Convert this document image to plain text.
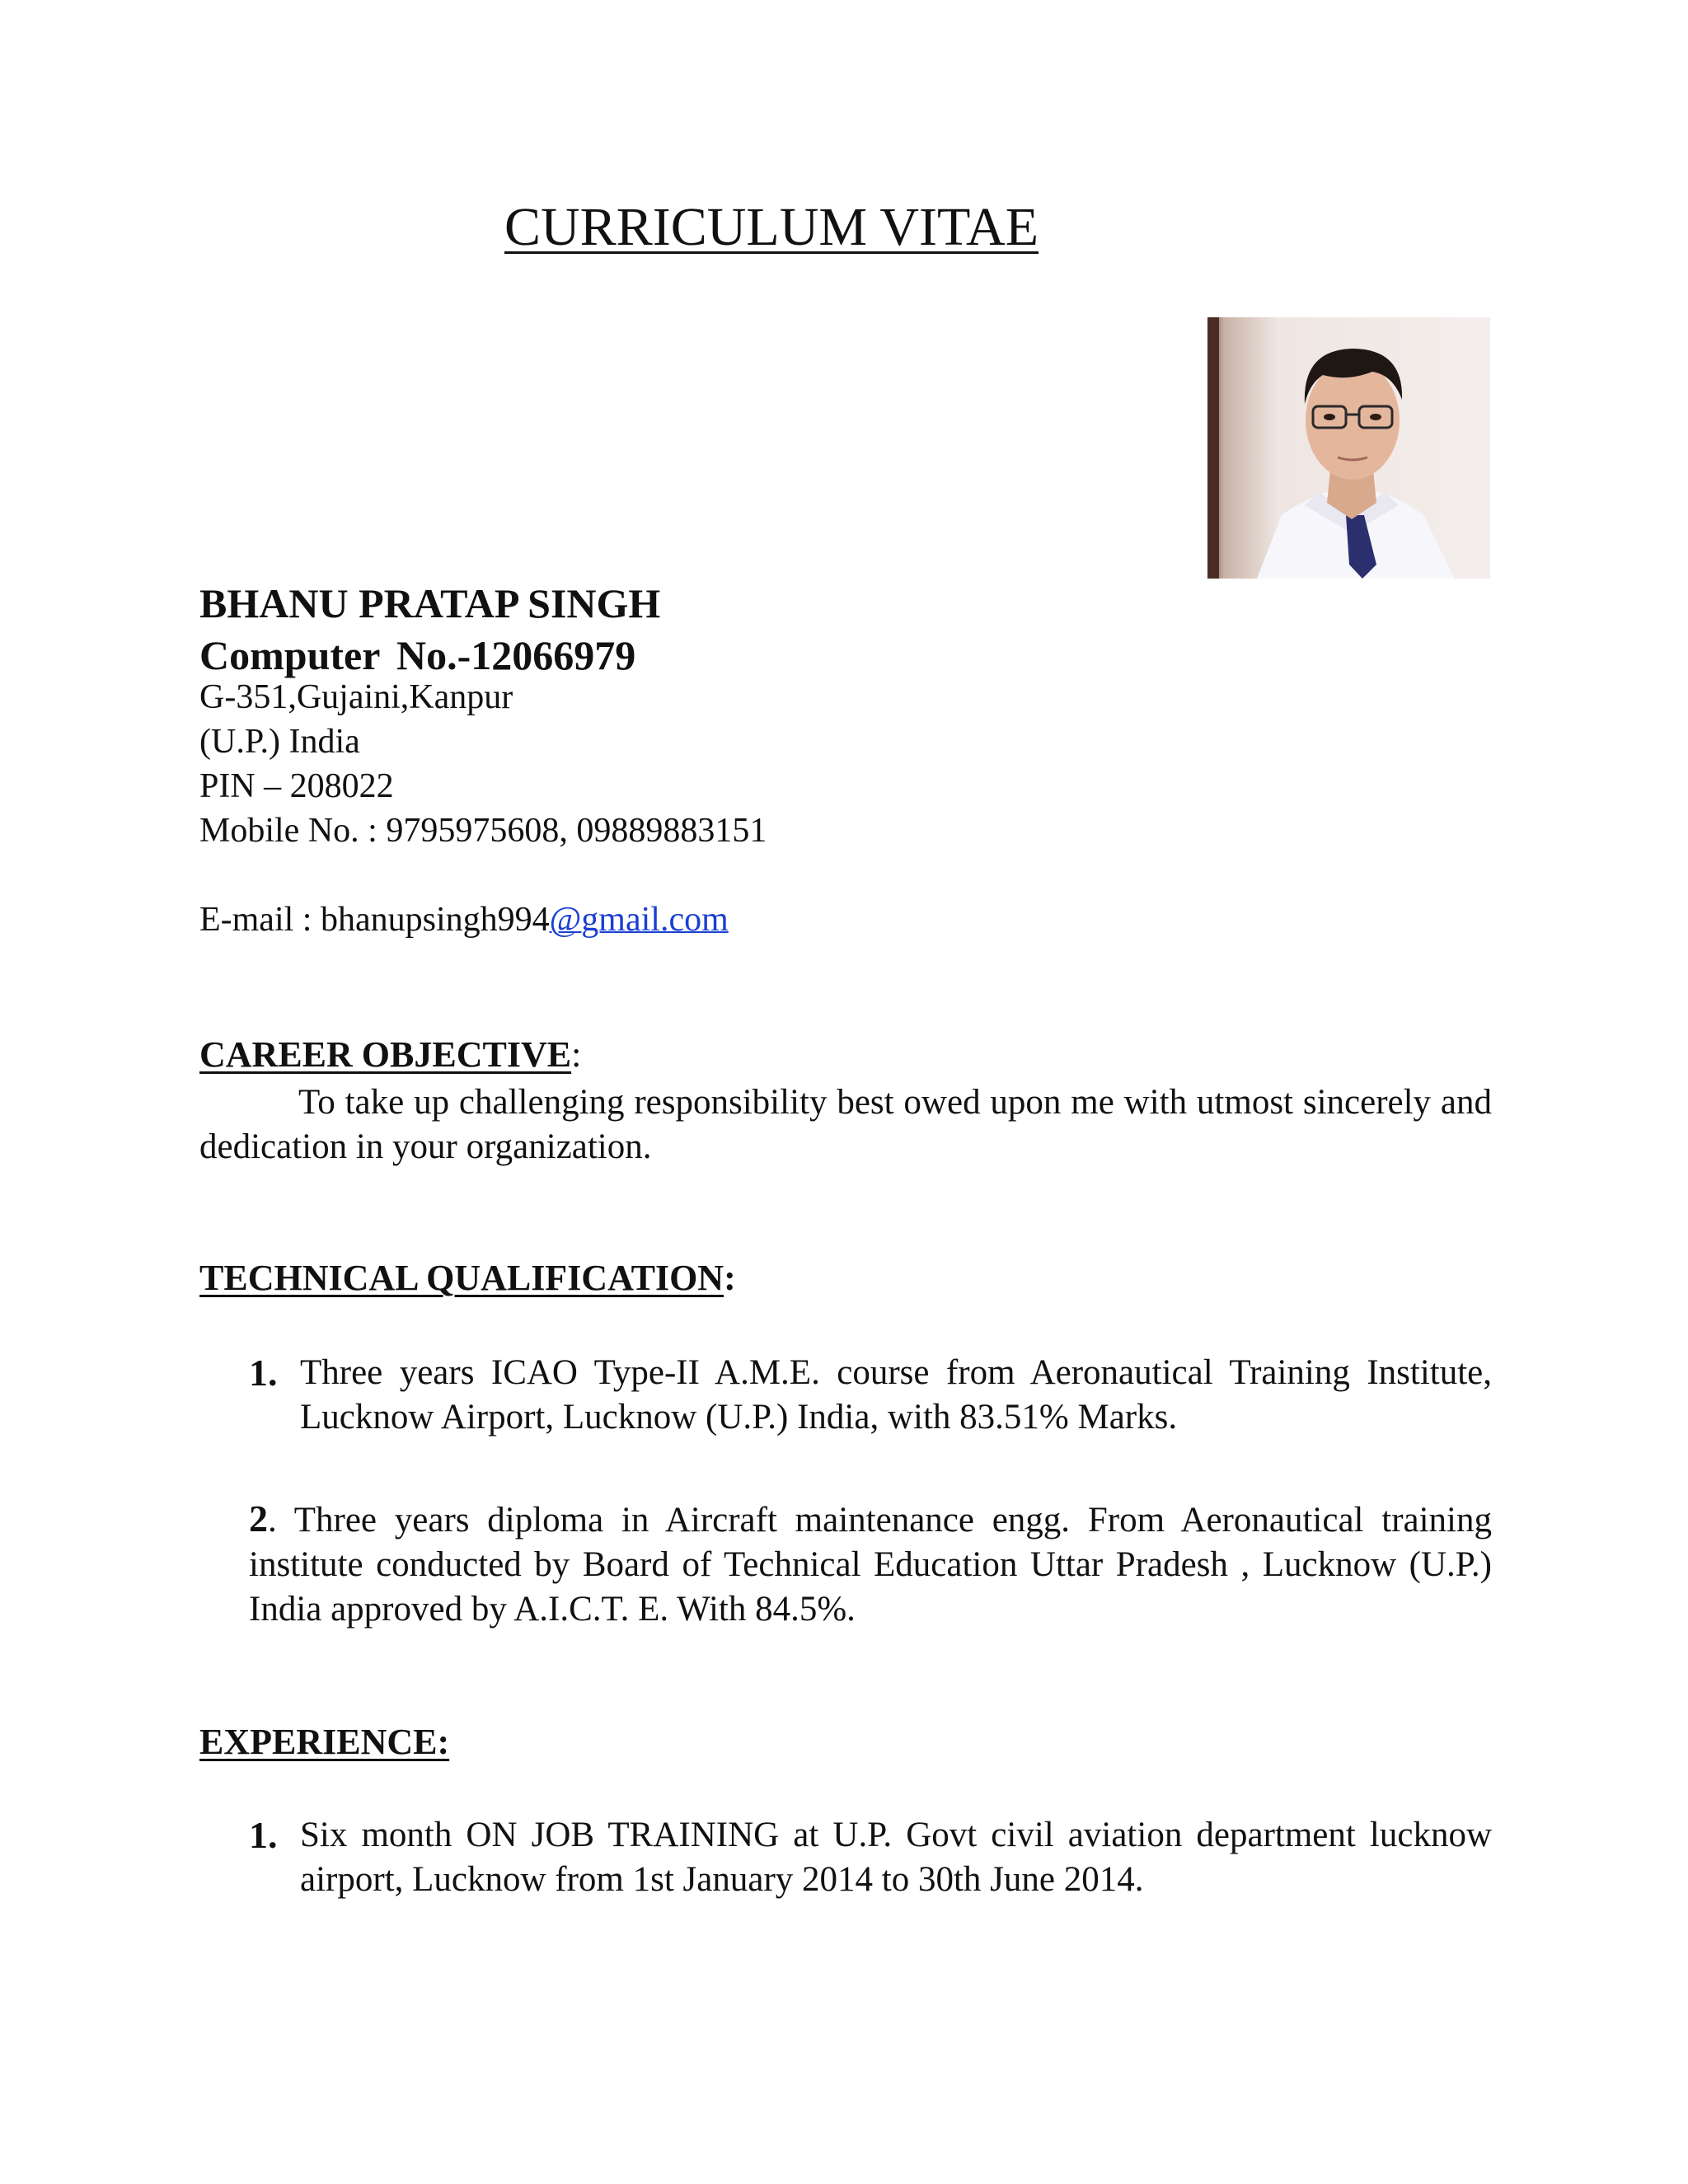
CURRICULUM VITAE
BHANU PRATAP SINGH
Computer No.-12066979
G-351,Gujaini,Kanpur
(U.P.) India
PIN – 208022
Mobile No. : 9795975608, 09889883151
E-mail : bhanupsingh994@gmail.com
CAREER OBJECTIVE:
To take up challenging responsibility best owed upon me with utmost sincerely and dedication in your organization.
TECHNICAL QUALIFICATION:
1. Three years ICAO Type-II A.M.E. course from Aeronautical Training Institute, Lucknow Airport, Lucknow (U.P.) India, with 83.51% Marks.
2. Three years diploma in Aircraft maintenance engg. From Aeronautical training institute conducted by Board of Technical Education Uttar Pradesh , Lucknow (U.P.) India approved by A.I.C.T. E. With 84.5%.
EXPERIENCE:
1. Six month ON JOB TRAINING at U.P. Govt civil aviation department lucknow airport, Lucknow from 1st January 2014 to 30th June 2014.
